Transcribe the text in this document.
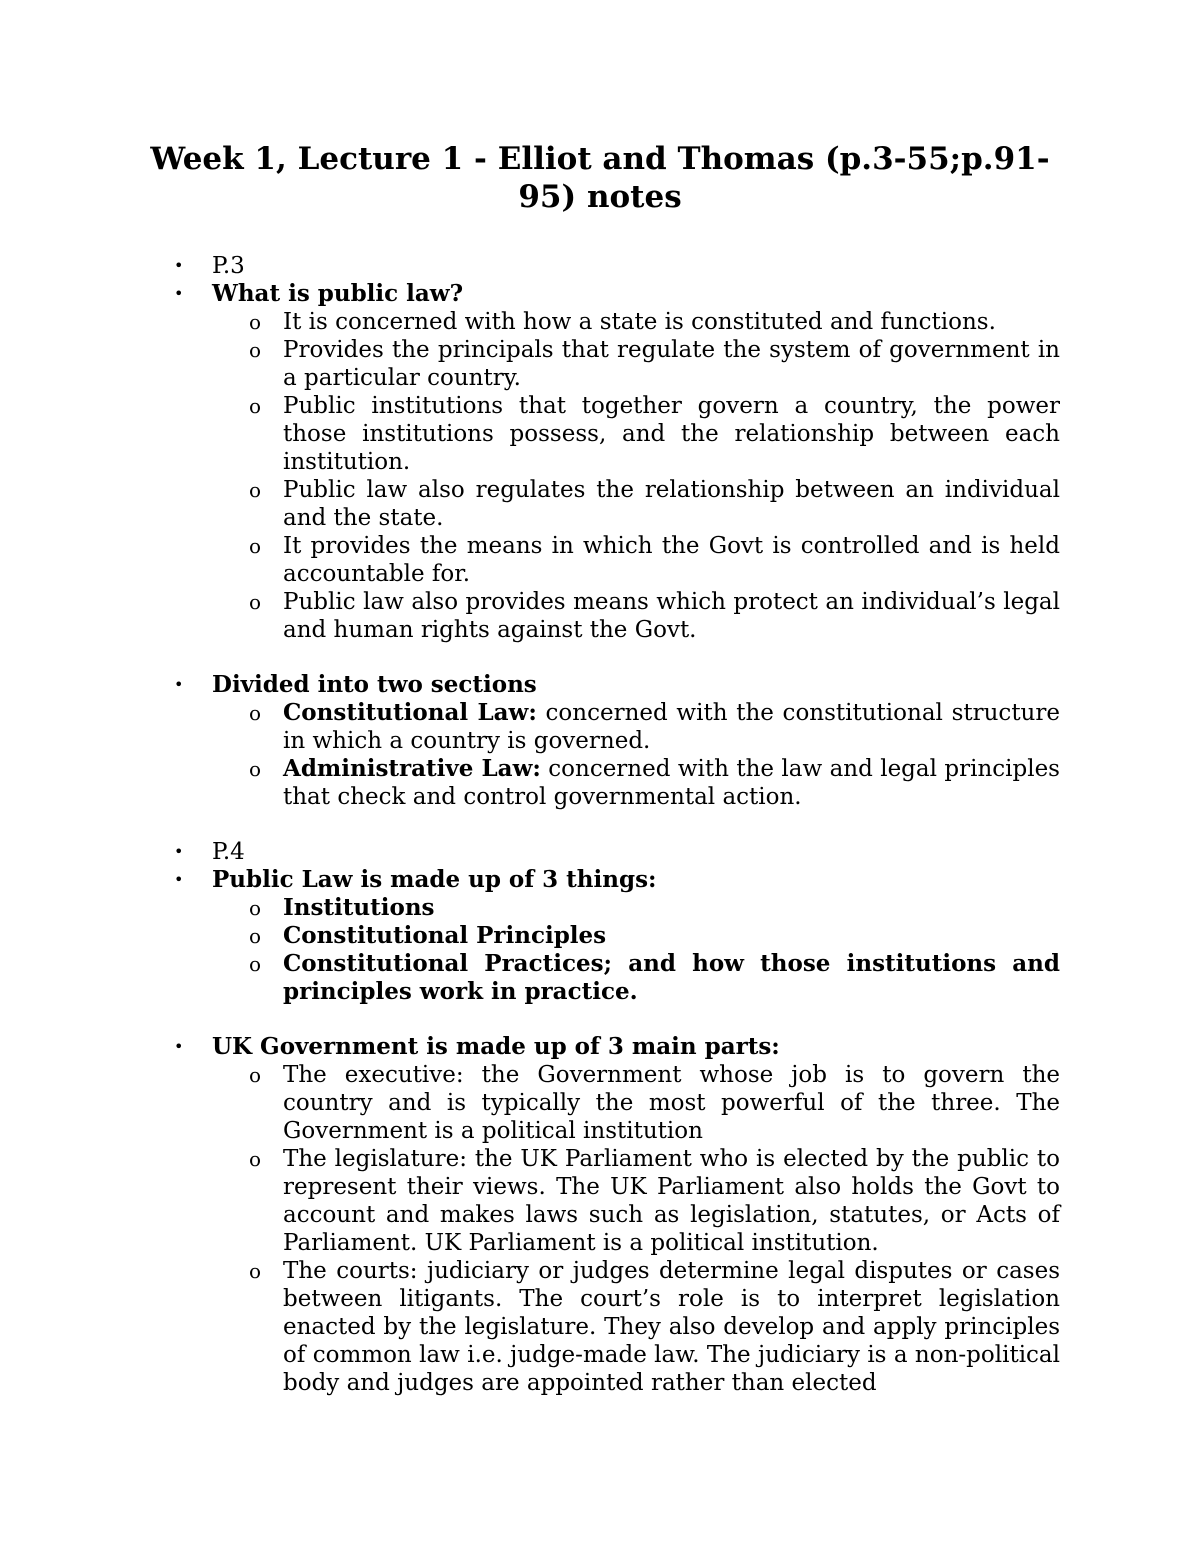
Week 1, Lecture 1 - Elliot and Thomas (p.3-55;p.91-95) notes
• P.3
• What is public law?
o It is concerned with how a state is constituted and functions.
o Provides the principals that regulate the system of government in a particular country.
o Public institutions that together govern a country, the power those institutions possess, and the relationship between each institution.
o Public law also regulates the relationship between an individual and the state.
o It provides the means in which the Govt is controlled and is held accountable for.
o Public law also provides means which protect an individual’s legal and human rights against the Govt.
• Divided into two sections
o Constitutional Law: concerned with the constitutional structure in which a country is governed.
o Administrative Law: concerned with the law and legal principles that check and control governmental action.
• P.4
• Public Law is made up of 3 things:
o Institutions
o Constitutional Principles
o Constitutional Practices; and how those institutions and principles work in practice.
• UK Government is made up of 3 main parts:
o The executive: the Government whose job is to govern the country and is typically the most powerful of the three. The Government is a political institution
o The legislature: the UK Parliament who is elected by the public to represent their views. The UK Parliament also holds the Govt to account and makes laws such as legislation, statutes, or Acts of Parliament. UK Parliament is a political institution.
o The courts: judiciary or judges determine legal disputes or cases between litigants. The court’s role is to interpret legislation enacted by the legislature. They also develop and apply principles of common law i.e. judge-made law. The judiciary is a non-political body and judges are appointed rather than elected
